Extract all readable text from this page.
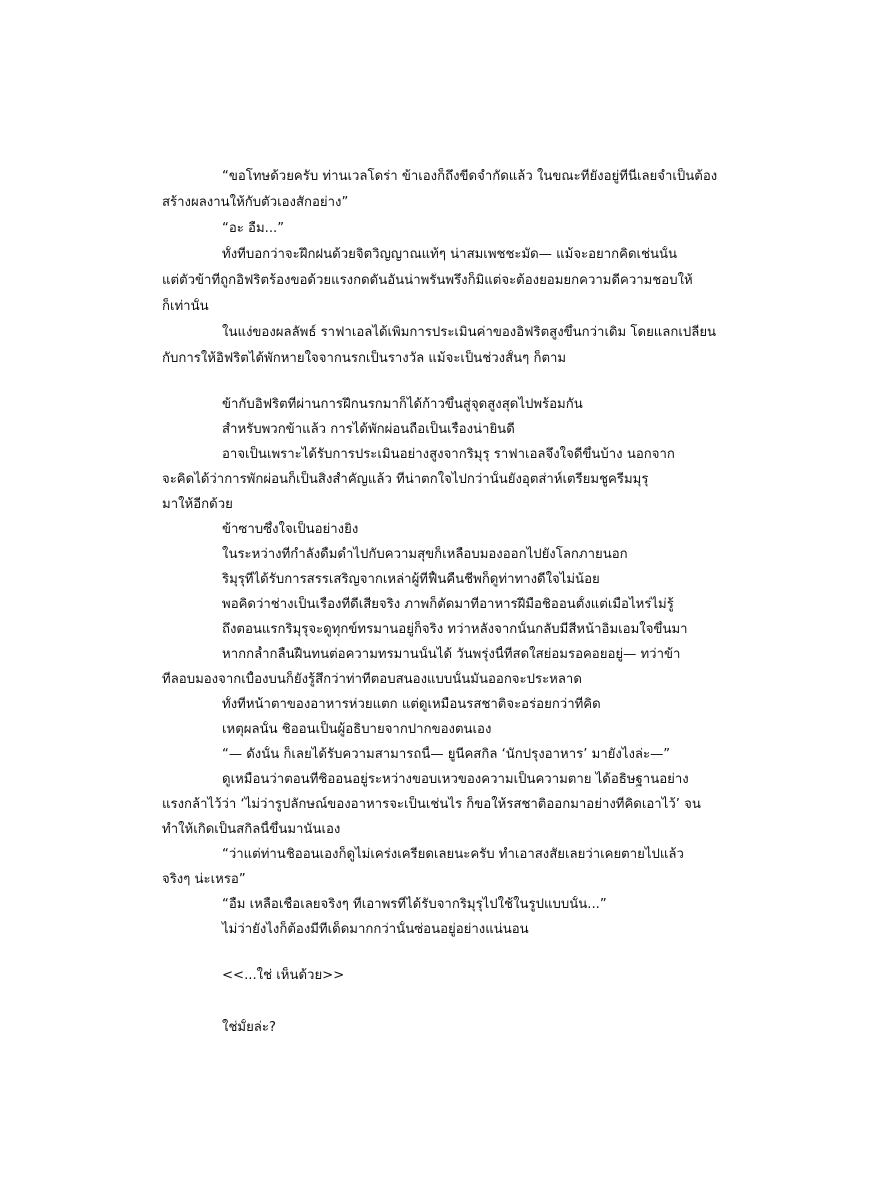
“ขอโทษด้วยครับ ท่านเวลโดร่า ข้าเองก็ถึงขีดจำกัดแล้ว ในขณะที่ยังอยู่ที่นี่เลยจำเป็นต้อง
สร้างผลงานให้กับตัวเองสักอย่าง”
“อะ อืม...”
ทั้งที่บอกว่าจะฝึกฝนด้วยจิตวิญญาณแท้ๆ น่าสมเพชชะมัด— แม้จะอยากคิดเช่นนั้น
แต่ตัวข้าที่ถูกอิฟริตร้องขอด้วยแรงกดดันอันน่าพรั่นพรึงก็มิแต่จะต้องยอมยกความดีความชอบให้
ก็เท่านั้น
ในแง่ของผลลัพธ์ ราฟาเอลได้เพิ่มการประเมินค่าของอิฟริตสูงขึ้นกว่าเดิม โดยแลกเปลี่ยน
กับการให้อิฟริตได้พักหายใจจากนรกเป็นรางวัล แม้จะเป็นช่วงสั้นๆ ก็ตาม
ข้ากับอิฟริตที่ผ่านการฝึกนรกมาก็ได้ก้าวขึ้นสู่จุดสูงสุดไปพร้อมกัน
สำหรับพวกข้าแล้ว การได้พักผ่อนถือเป็นเรื่องน่ายินดี
อาจเป็นเพราะได้รับการประเมินอย่างสูงจากริมุรุ ราฟาเอลจึงใจดีขึ้นบ้าง นอกจาก
จะคิดได้ว่าการพักผ่อนก็เป็นสิ่งสำคัญแล้ว ที่น่าตกใจไปกว่านั้นยังอุตส่าห์เตรียมชูครีมมุรุ
มาให้อีกด้วย
ข้าซาบซึ้งใจเป็นอย่างยิ่ง
ในระหว่างที่กำลังดื่มด่ำไปกับความสุขก็เหลือบมองออกไปยังโลกภายนอก
ริมุรุที่ได้รับการสรรเสริญจากเหล่าผู้ที่ฟื้นคืนชีพก็ดูท่าทางดีใจไม่น้อย
พอคิดว่าช่างเป็นเรื่องที่ดีเสียจริง ภาพก็ตัดมาที่อาหารฝีมือชิออนตั้งแต่เมื่อไหร่ไม่รู้
ถึงตอนแรกริมุรุจะดูทุกข์ทรมานอยู่ก็จริง ทว่าหลังจากนั้นกลับมีสีหน้าอิ่มเอมใจขึ้นมา
หากกล้ำกลืนฝืนทนต่อความทรมานนั้นได้ วันพรุ่งนี้ที่สดใสย่อมรอคอยอยู่— ทว่าข้า
ที่ลอบมองจากเบื้องบนก็ยังรู้สึกว่าท่าทีตอบสนองแบบนั้นมันออกจะประหลาด
ทั้งที่หน้าตาของอาหารห่วยแตก แต่ดูเหมือนรสชาติจะอร่อยกว่าที่คิด
เหตุผลนั้น ชิออนเป็นผู้อธิบายจากปากของตนเอง
“— ดังนั้น ก็เลยได้รับความสามารถนี้— ยูนีคสกิล ‘นักปรุงอาหาร’ มายังไงล่ะ—”
ดูเหมือนว่าตอนที่ชิออนอยู่ระหว่างขอบเหวของความเป็นความตาย ได้อธิษฐานอย่าง
แรงกล้าไว้ว่า ‘ไม่ว่ารูปลักษณ์ของอาหารจะเป็นเช่นไร ก็ขอให้รสชาติออกมาอย่างที่คิดเอาไว้’ จน
ทำให้เกิดเป็นสกิลนี้ขึ้นมานั่นเอง
“ว่าแต่ท่านชิออนเองก็ดูไม่เคร่งเครียดเลยนะครับ ทำเอาสงสัยเลยว่าเคยตายไปแล้ว
จริงๆ น่ะเหรอ”
“อืม เหลือเชื่อเลยจริงๆ ที่เอาพรที่ได้รับจากริมุรุไปใช้ในรูปแบบนั้น...”
ไม่ว่ายังไงก็ต้องมีทีเด็ดมากกว่านั้นซ่อนอยู่อย่างแน่นอน
<<...ใช่ เห็นด้วย>>
ใช่มั้ยล่ะ?
